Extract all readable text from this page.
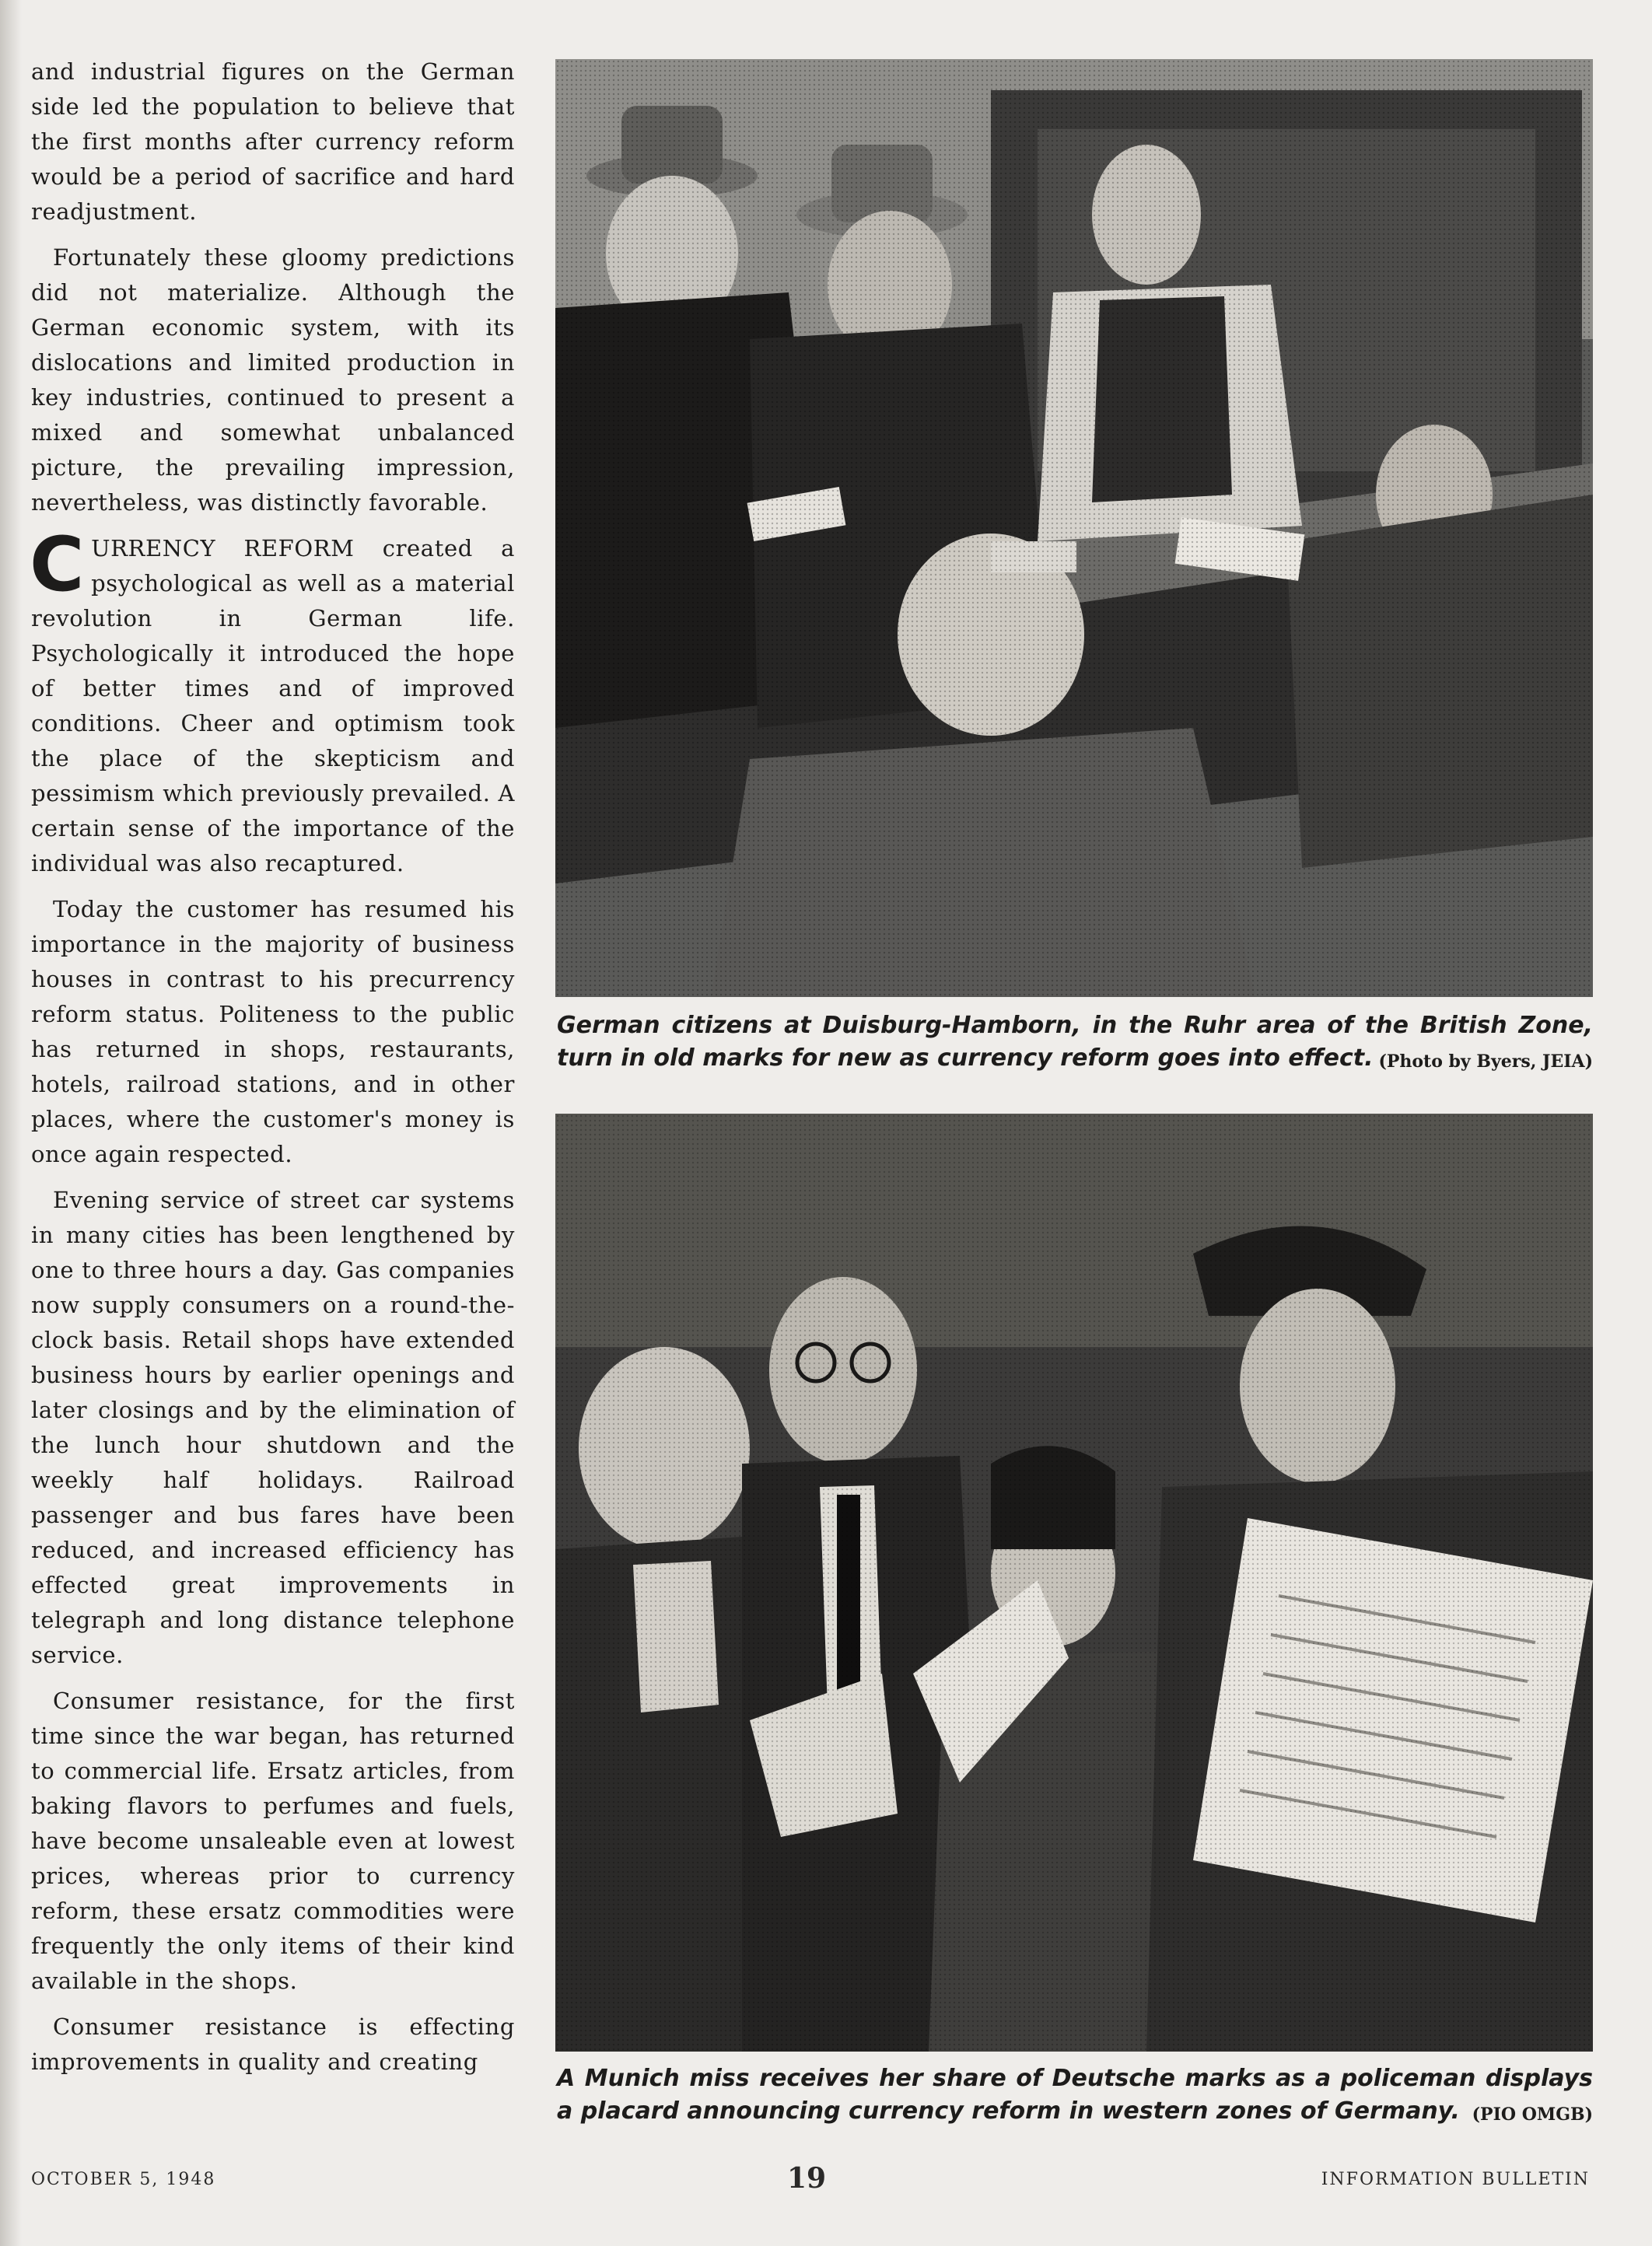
and industrial figures on the German side led the population to believe that the first months after currency reform would be a period of sacrifice and hard readjustment.

Fortunately these gloomy predictions did not materialize. Although the German economic system, with its dislocations and limited production in key industries, continued to present a mixed and somewhat unbalanced picture, the prevailing impression, nevertheless, was distinctly favorable.

CURRENCY REFORM created a psychological as well as a material revolution in German life. Psychologically it introduced the hope of better times and of improved conditions. Cheer and optimism took the place of the skepticism and pessimism which previously prevailed. A certain sense of the importance of the individual was also recaptured.

Today the customer has resumed his importance in the majority of business houses in contrast to his precurrency reform status. Politeness to the public has returned in shops, restaurants, hotels, railroad stations, and in other places, where the customer's money is once again respected.

Evening service of street car systems in many cities has been lengthened by one to three hours a day. Gas companies now supply consumers on a round-the-clock basis. Retail shops have extended business hours by earlier openings and later closings and by the elimination of the lunch hour shutdown and the weekly half holidays. Railroad passenger and bus fares have been reduced, and increased efficiency has effected great improvements in telegraph and long distance telephone service.

Consumer resistance, for the first time since the war began, has returned to commercial life. Ersatz articles, from baking flavors to perfumes and fuels, have become unsaleable even at lowest prices, whereas prior to currency reform, these ersatz commodities were frequently the only items of their kind available in the shops.

Consumer resistance is effecting improvements in quality and creating

German citizens at Duisburg-Hamborn, in the Ruhr area of the British Zone, turn in old marks for new as currency reform goes into effect. (Photo by Byers, JEIA)
A Munich miss receives her share of Deutsche marks as a policeman displays a placard announcing currency reform in western zones of Germany. (PIO OMGB)
OCTOBER 5, 1948	19	INFORMATION BULLETIN
